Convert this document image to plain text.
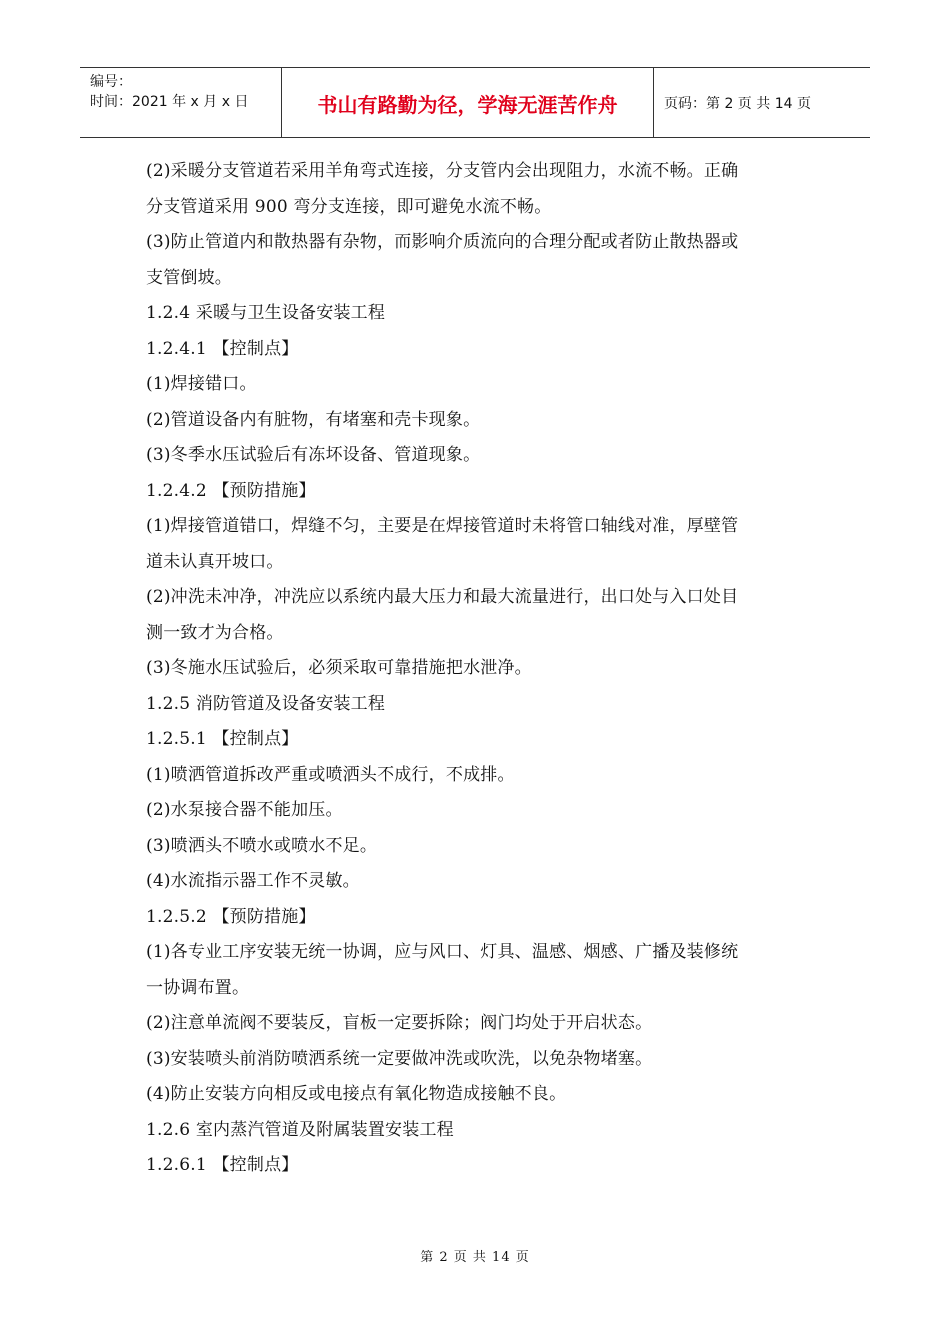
编号：
时间：2021 年 x 月 x 日	书山有路勤为径，学海无涯苦作舟	页码：第 2 页 共 14 页
(2)采暖分支管道若采用羊角弯式连接，分支管内会出现阻力，水流不畅。正确
分支管道采用 900 弯分支连接，即可避免水流不畅。
(3)防止管道内和散热器有杂物，而影响介质流向的合理分配或者防止散热器或
支管倒坡。
1.2.4 采暖与卫生设备安装工程
1.2.4.1 【控制点】
(1)焊接错口。
(2)管道设备内有脏物，有堵塞和壳卡现象。
(3)冬季水压试验后有冻坏设备、管道现象。
1.2.4.2 【预防措施】
(1)焊接管道错口，焊缝不匀，主要是在焊接管道时未将管口轴线对准，厚壁管
道未认真开坡口。
(2)冲洗未冲净，冲洗应以系统内最大压力和最大流量进行，出口处与入口处目
测一致才为合格。
(3)冬施水压试验后，必须采取可靠措施把水泄净。
1.2.5 消防管道及设备安装工程
1.2.5.1 【控制点】
(1)喷洒管道拆改严重或喷洒头不成行，不成排。
(2)水泵接合器不能加压。
(3)喷洒头不喷水或喷水不足。
(4)水流指示器工作不灵敏。
1.2.5.2 【预防措施】
(1)各专业工序安装无统一协调，应与风口、灯具、温感、烟感、广播及装修统
一协调布置。
(2)注意单流阀不要装反，盲板一定要拆除；阀门均处于开启状态。
(3)安装喷头前消防喷洒系统一定要做冲洗或吹洗，以免杂物堵塞。
(4)防止安装方向相反或电接点有氧化物造成接触不良。
1.2.6 室内蒸汽管道及附属装置安装工程
1.2.6.1 【控制点】
第 2 页 共 14 页
